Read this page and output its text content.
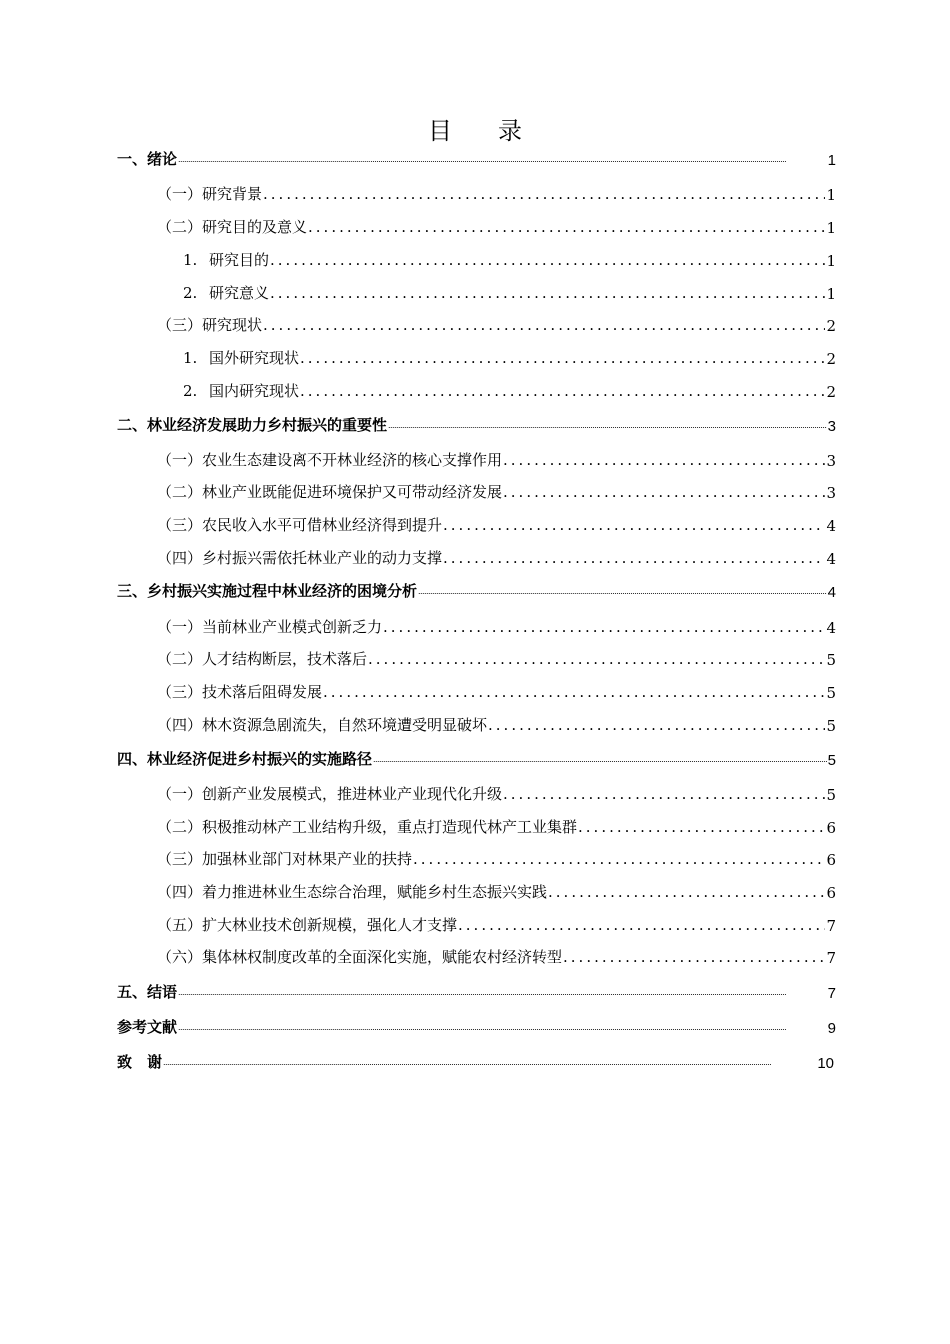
目 录
一、绪论 .....	1
（一）研究背景 .....	1
（二）研究目的及意义 .....	1
1. 研究目的 .....	1
2. 研究意义 .....	1
（三）研究现状 .....	2
1. 国外研究现状 .....	2
2. 国内研究现状 .....	2
二、林业经济发展助力乡村振兴的重要性 .....	3
（一）农业生态建设离不开林业经济的核心支撑作用 .....	3
（二）林业产业既能促进环境保护又可带动经济发展 .....	3
（三）农民收入水平可借林业经济得到提升 .....	4
（四）乡村振兴需依托林业产业的动力支撑 .....	4
三、乡村振兴实施过程中林业经济的困境分析 .....	4
（一）当前林业产业模式创新乏力 .....	4
（二）人才结构断层，技术落后 .....	5
（三）技术落后阻碍发展 .....	5
（四）林木资源急剧流失，自然环境遭受明显破坏 .....	5
四、林业经济促进乡村振兴的实施路径 .....	5
（一）创新产业发展模式，推进林业产业现代化升级 .....	5
（二）积极推动林产工业结构升级，重点打造现代林产工业集群 .....	6
（三）加强林业部门对林果产业的扶持 .....	6
（四）着力推进林业生态综合治理，赋能乡村生态振兴实践 .....	6
（五）扩大林业技术创新规模，强化人才支撑 .....	7
（六）集体林权制度改革的全面深化实施，赋能农村经济转型 .....	7
五、结语 .....	7
参考文献 .....	9
致　谢 .....	10
